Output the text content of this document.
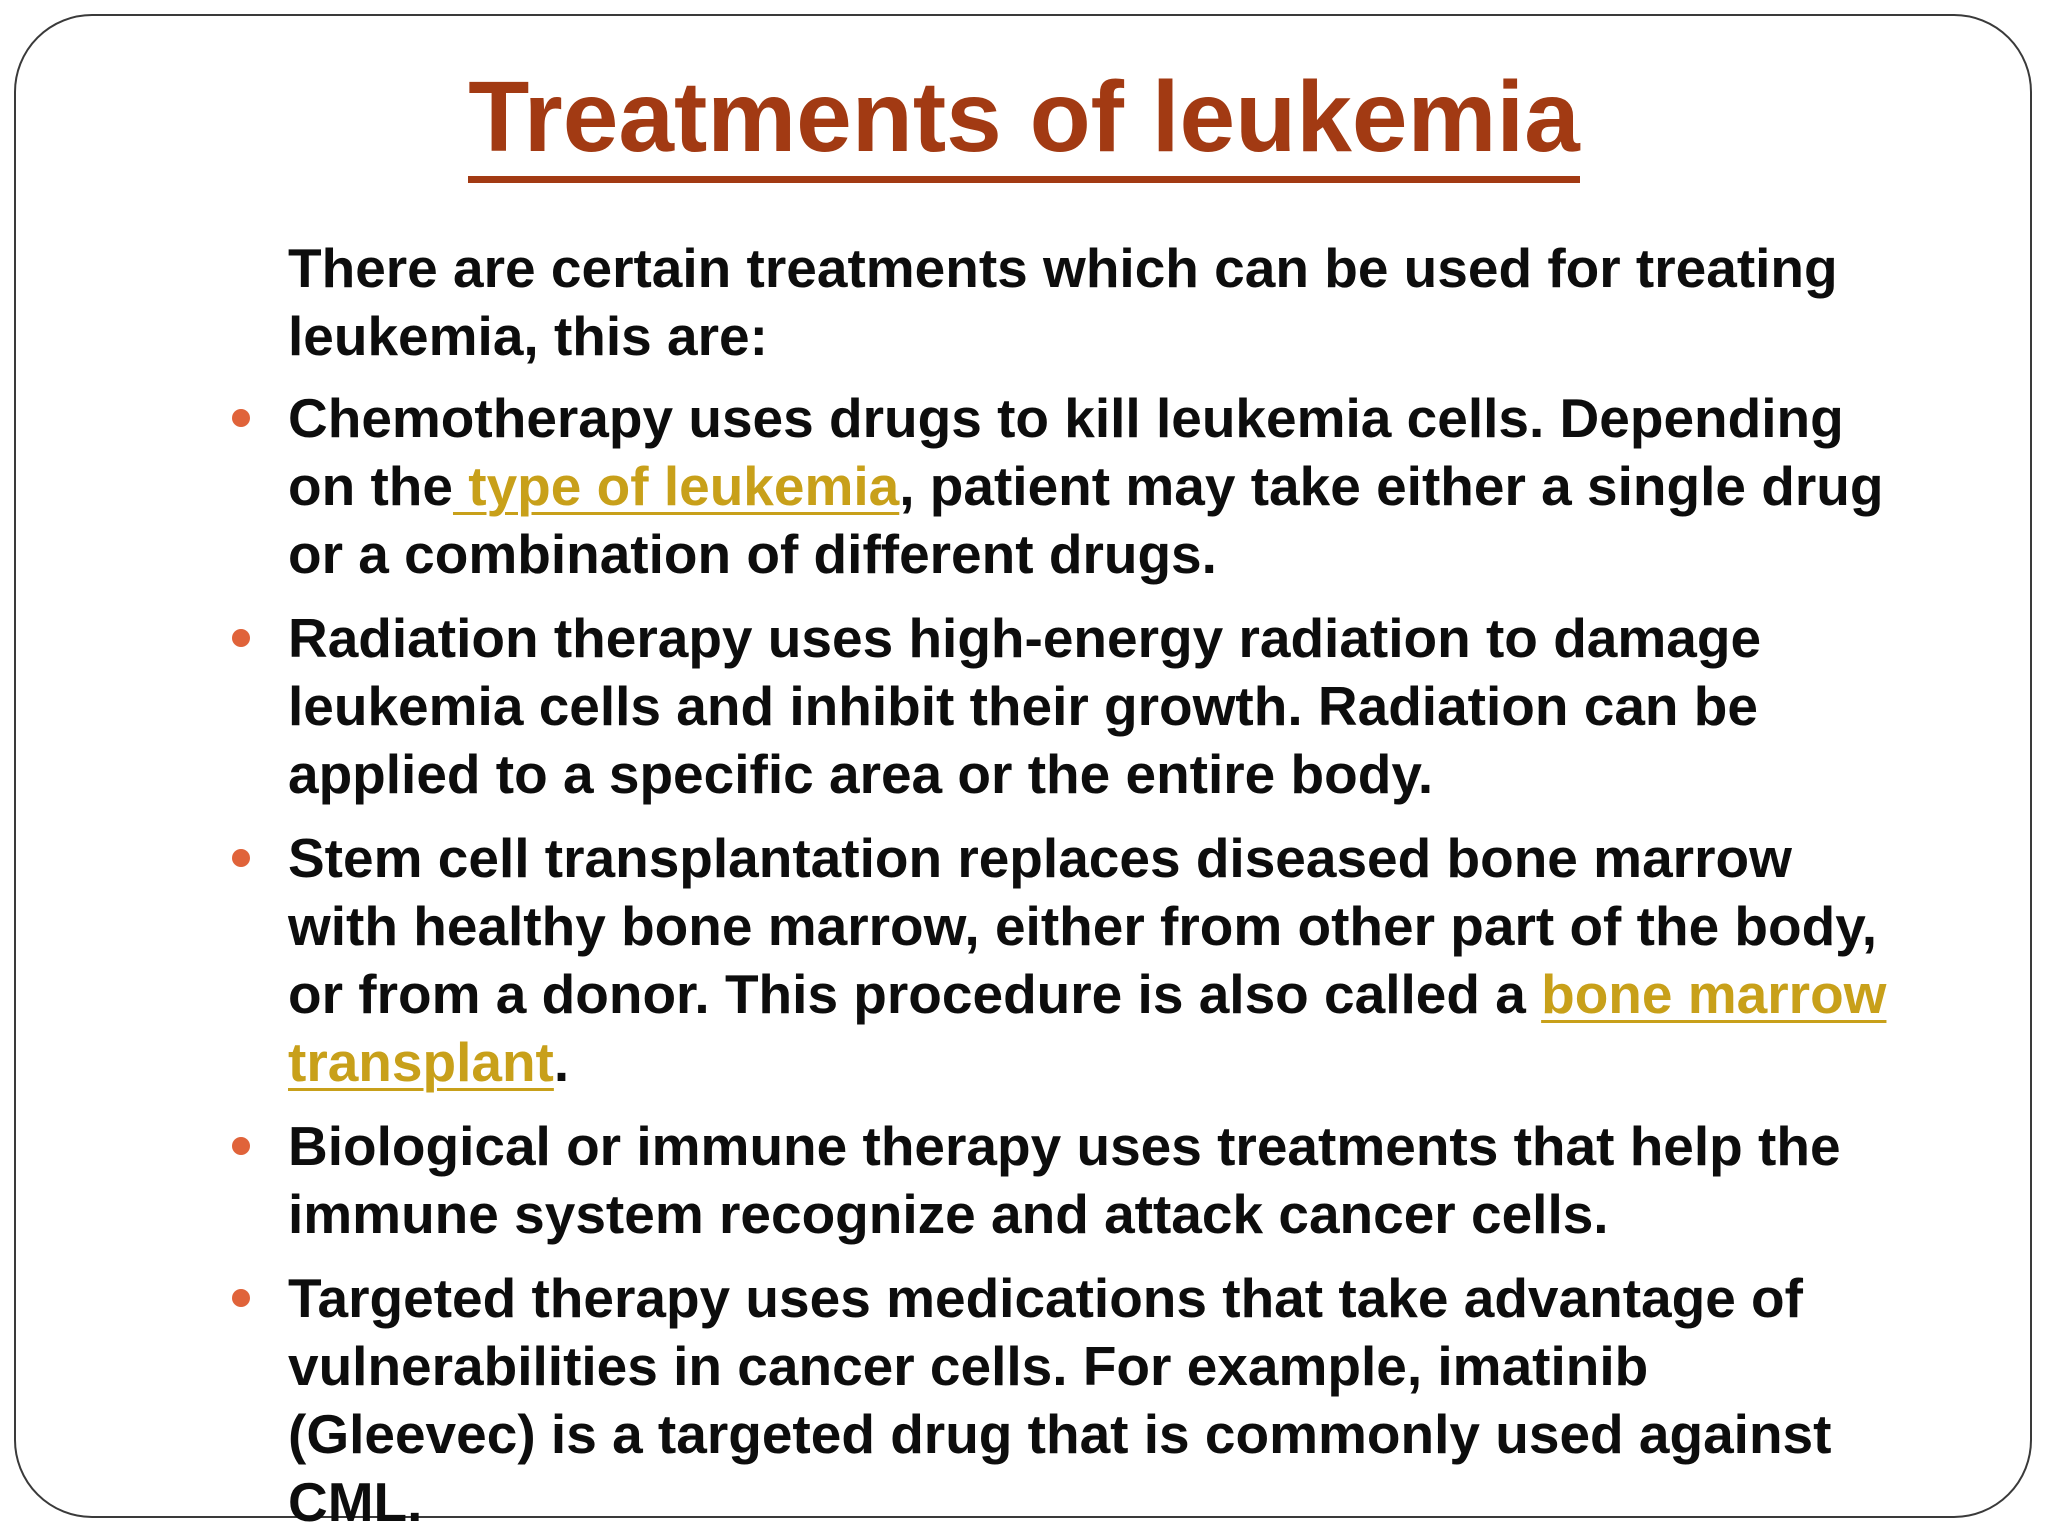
Treatments of leukemia

There are certain treatments which can be used for treating leukemia, this are:

Chemotherapy uses drugs to kill leukemia cells. Depending on the type of leukemia, patient may take either a single drug or a combination of different drugs.
Radiation therapy uses high-energy radiation to damage leukemia cells and inhibit their growth. Radiation can be applied to a specific area or the entire body.
Stem cell transplantation replaces diseased bone marrow with healthy bone marrow, either from other part of the body, or from a donor. This procedure is also called a bone marrow transplant.
Biological or immune therapy uses treatments that help the immune system recognize and attack cancer cells.
Targeted therapy uses medications that take advantage of vulnerabilities in cancer cells. For example, imatinib (Gleevec) is a targeted drug that is commonly used against CML.
